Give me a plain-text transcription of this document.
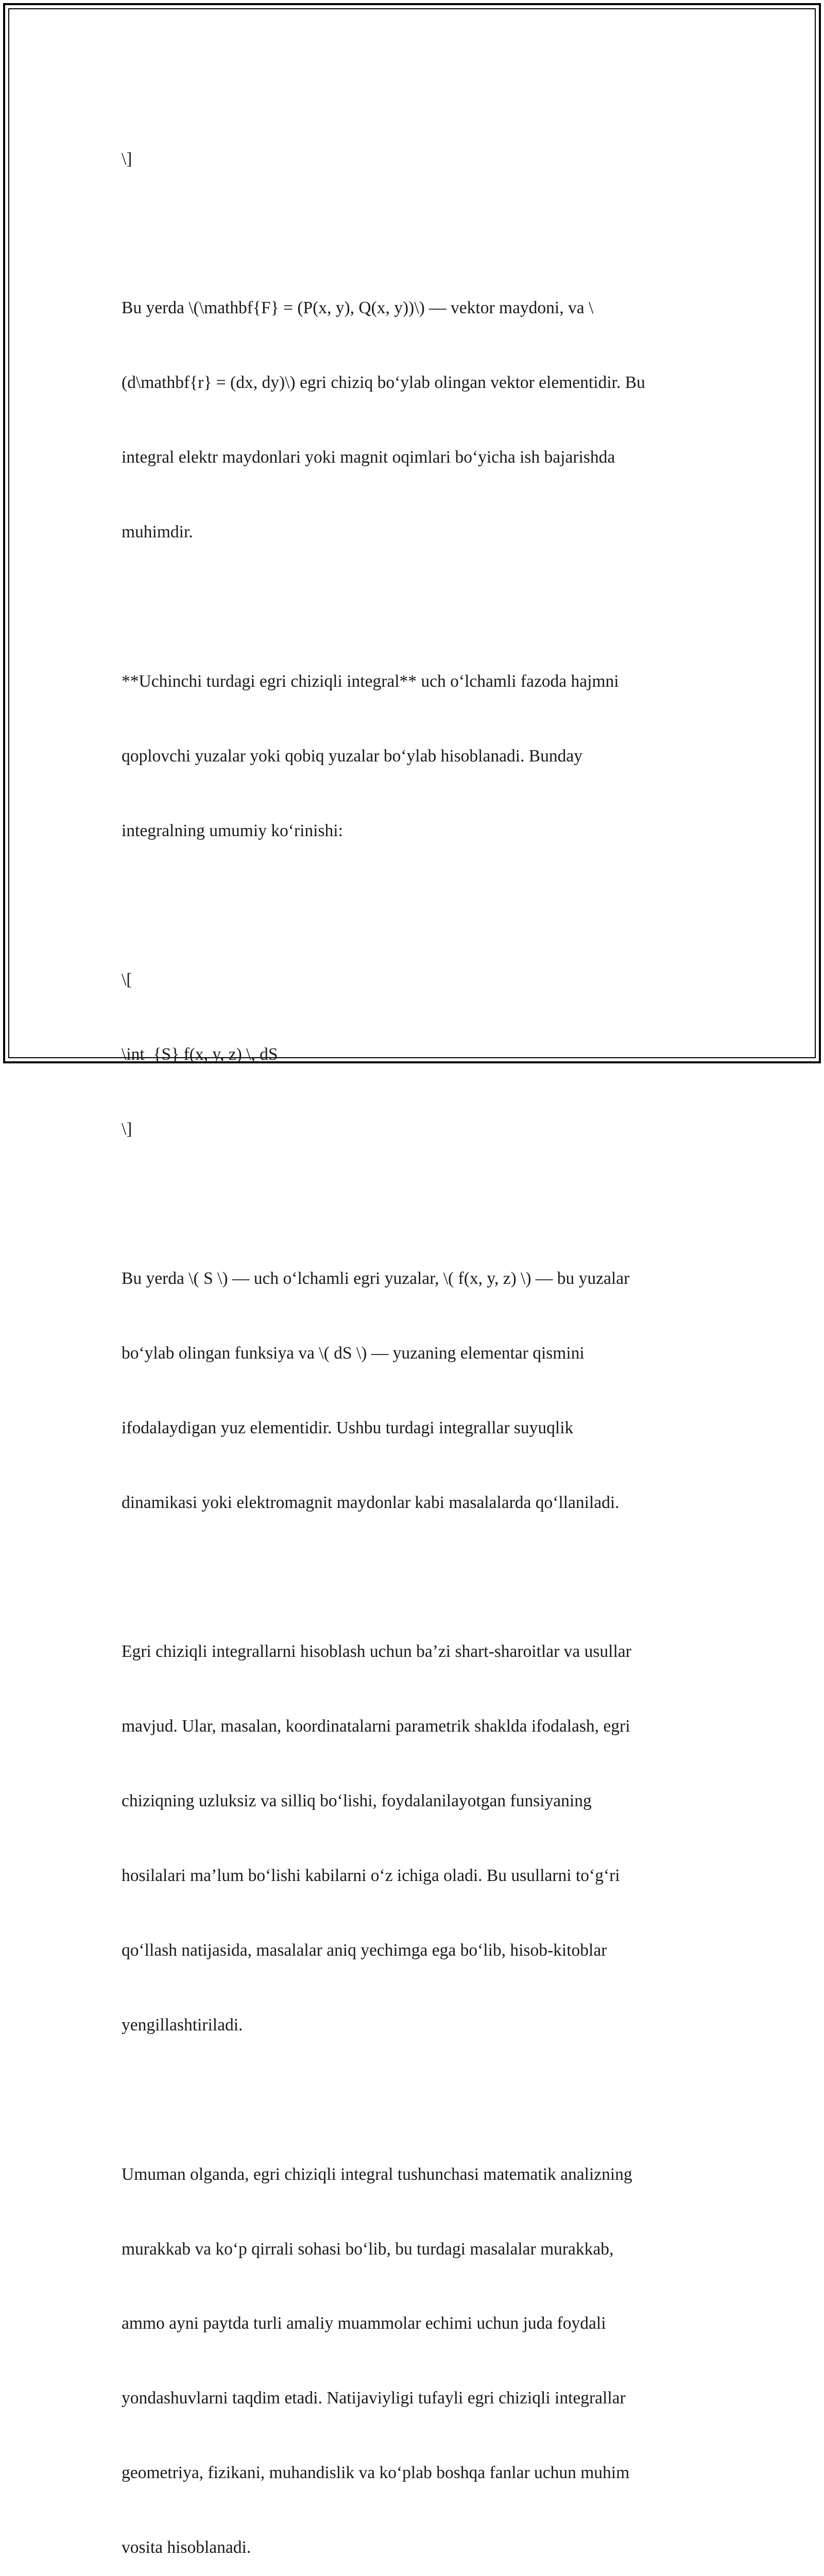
\]

Bu yerda \(\mathbf{F} = (P(x, y), Q(x, y))\) — vektor maydoni, va \

(d\mathbf{r} = (dx, dy)\) egri chiziq bo‘ylab olingan vektor elementidir. Bu

integral elektr maydonlari yoki magnit oqimlari bo‘yicha ish bajarishda

muhimdir.

**Uchinchi turdagi egri chiziqli integral** uch o‘lchamli fazoda hajmni

qoplovchi yuzalar yoki qobiq yuzalar bo‘ylab hisoblanadi. Bunday

integralning umumiy ko‘rinishi:

\[

\int_{S} f(x, y, z) \, dS

\]

Bu yerda \( S \) — uch o‘lchamli egri yuzalar, \( f(x, y, z) \) — bu yuzalar

bo‘ylab olingan funksiya va \( dS \) — yuzaning elementar qismini

ifodalaydigan yuz elementidir. Ushbu turdagi integrallar suyuqlik

dinamikasi yoki elektromagnit maydonlar kabi masalalarda qo‘llaniladi.

Egri chiziqli integrallarni hisoblash uchun ba’zi shart-sharoitlar va usullar

mavjud. Ular, masalan, koordinatalarni parametrik shaklda ifodalash, egri

chiziqning uzluksiz va silliq bo‘lishi, foydalanilayotgan funsiyaning

hosilalari ma’lum bo‘lishi kabilarni o‘z ichiga oladi. Bu usullarni to‘g‘ri

qo‘llash natijasida, masalalar aniq yechimga ega bo‘lib, hisob-kitoblar

yengillashtiriladi.

Umuman olganda, egri chiziqli integral tushunchasi matematik analizning

murakkab va ko‘p qirrali sohasi bo‘lib, bu turdagi masalalar murakkab,

ammo ayni paytda turli amaliy muammolar echimi uchun juda foydali

yondashuvlarni taqdim etadi. Natijaviyligi tufayli egri chiziqli integrallar

geometriya, fizikani, muhandislik va ko‘plab boshqa fanlar uchun muhim

vosita hisoblanadi.
